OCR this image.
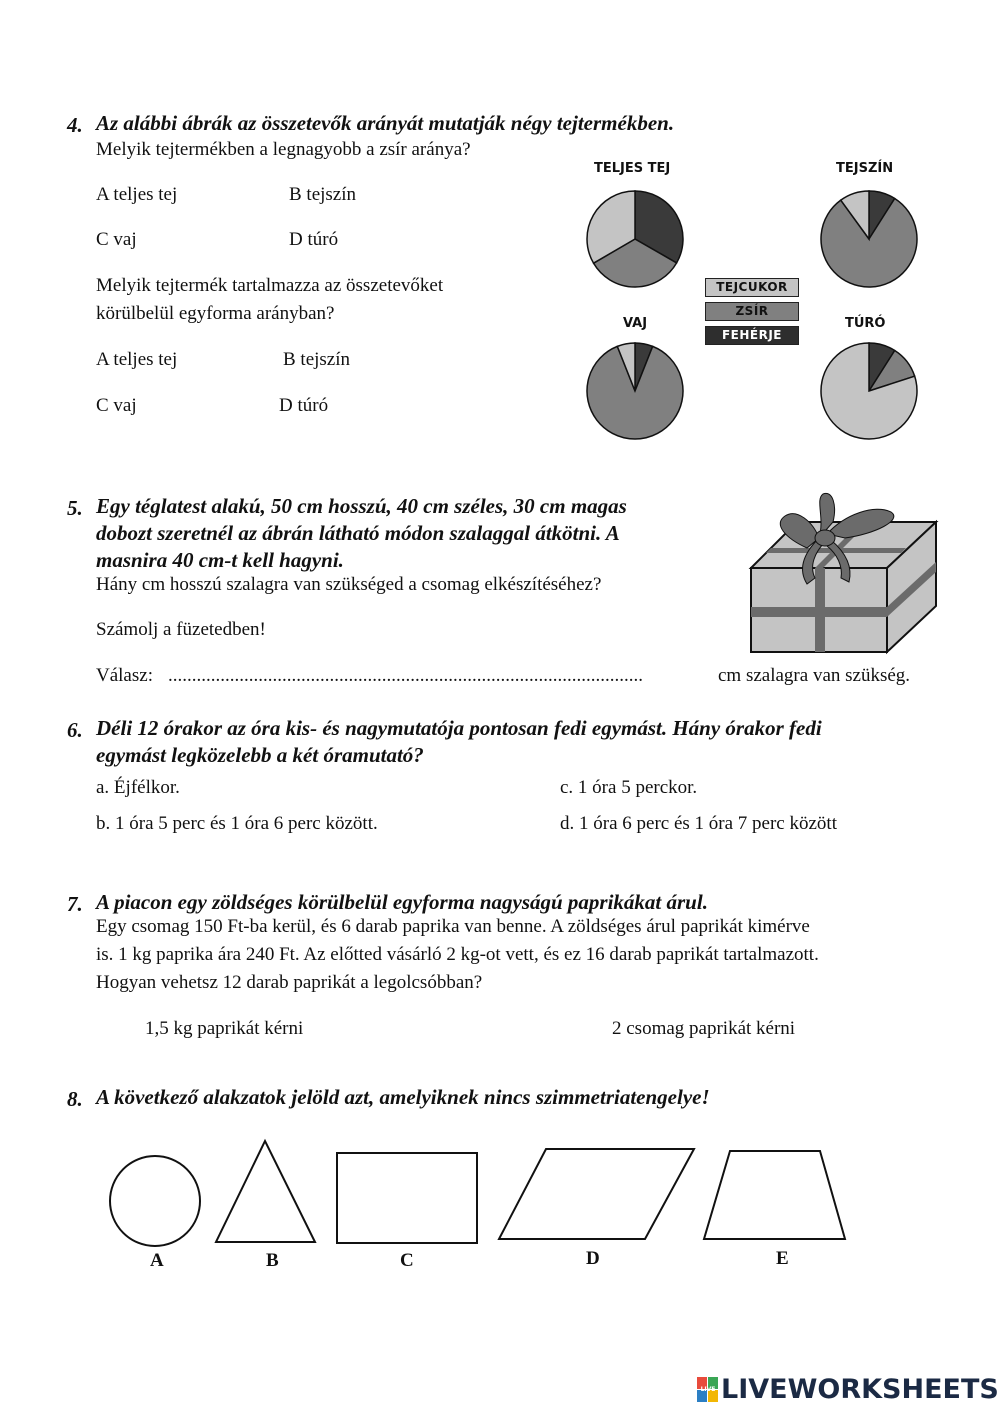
4. Az alábbi ábrák az összetevők arányát mutatják négy tejtermékben.
Melyik tejtermékben a legnagyobb a zsír aránya?
A teljes tej	B tejszín
C vaj	D túró
Melyik tejtermék tartalmazza az összetevőket
körülbelül egyforma arányban?
A teljes tej	B tejszín
C vaj	D túró
TELJES TEJ	TEJSZÍN
VAJ	TÚRÓ
TEJCUKOR
ZSÍR
FEHÉRJE
5. Egy téglatest alakú, 50 cm hosszú, 40 cm széles, 30 cm magas
dobozt szeretnél az ábrán látható módon szalaggal átkötni. A
masnira 40 cm-t kell hagyni.
Hány cm hosszú szalagra van szükséged a csomag elkészítéséhez?
Számolj a füzetedben!
Válasz: ....................................................................................................	cm szalagra van szükség.
6. Déli 12 órakor az óra kis- és nagymutatója pontosan fedi egymást. Hány órakor fedi
egymást legközelebb a két óramutató?
a. Éjfélkor.	c. 1 óra 5 perckor.
b. 1 óra 5 perc és 1 óra 6 perc között.	d. 1 óra 6 perc és 1 óra 7 perc között
7. A piacon egy zöldséges körülbelül egyforma nagyságú paprikákat árul.
Egy csomag 150 Ft-ba kerül, és 6 darab paprika van benne. A zöldséges árul paprikát kimérve
is. 1 kg paprika ára 240 Ft. Az előtted vásárló 2 kg-ot vett, és ez 16 darab paprikát tartalmazott.
Hogyan vehetsz 12 darab paprikát a legolcsóbban?
1,5 kg paprikát kérni	2 csomag paprikát kérni
8. A következő alakzatok jelöld azt, amelyiknek nincs szimmetriatengelye!
A	B	C	D	E
LIVE LIVEWORKSHEETS
